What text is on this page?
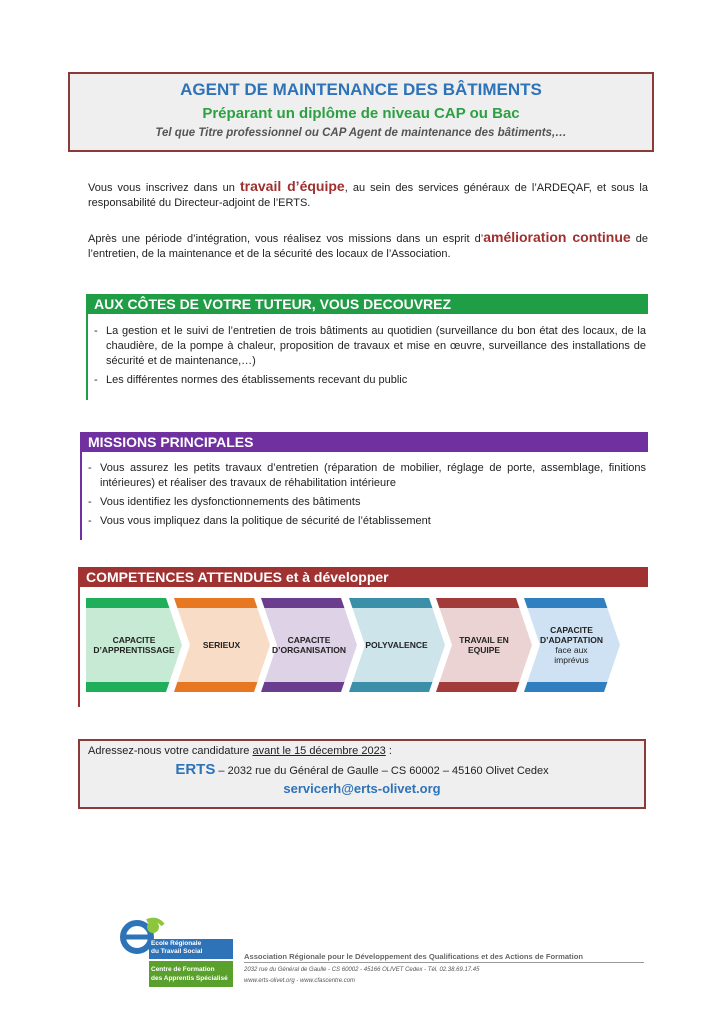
AGENT DE MAINTENANCE DES BÂTIMENTS
Préparant un diplôme de niveau CAP ou Bac
Tel que Titre professionnel ou CAP Agent de maintenance des bâtiments,…
Vous vous inscrivez dans un travail d’équipe, au sein des services généraux de l’ARDEQAF, et sous la responsabilité du Directeur-adjoint de l’ERTS.
Après une période d’intégration, vous réalisez vos missions dans un esprit d’amélioration continue de l’entretien, de la maintenance et de la sécurité des locaux de l’Association.
AUX CÔTES DE VOTRE TUTEUR, VOUS DECOUVREZ
- La gestion et le suivi de l’entretien de trois bâtiments au quotidien (surveillance du bon état des locaux, de la chaudière, de la pompe à chaleur, proposition de travaux et mise en œuvre, surveillance des installations de sécurité et de maintenance,…)
- Les différentes normes des établissements recevant du public
MISSIONS PRINCIPALES
- Vous assurez les petits travaux d’entretien (réparation de mobilier, réglage de porte, assemblage, finitions intérieures) et réaliser des travaux de réhabilitation intérieure
- Vous identifiez les dysfonctionnements des bâtiments
- Vous vous impliquez dans la politique de sécurité de l’établissement
COMPETENCES ATTENDUES et à développer
CAPACITE D’APPRENTISSAGE	SERIEUX	CAPACITE D’ORGANISATION POLYVALENCE	TRAVAIL EN EQUIPE
CAPACITE D’ADAPTATION
face aux imprévus
Adressez-nous votre candidature avant le 15 décembre 2023 :
ERTS – 2032 rue du Général de Gaulle – CS 60002 – 45160 Olivet Cedex
servicerh@erts-olivet.org
Ecole Régionale
du Travail Social
Centre de Formation
des Apprentis Spécialisé
Association Régionale pour le Développement des Qualifications et des Actions de Formation
2032 rue du Général de Gaulle - CS 60002 - 45166 OLIVET Cedex - Tél. 02.38.69.17.45
www.erts-olivet.org - www.cfascentre.com
